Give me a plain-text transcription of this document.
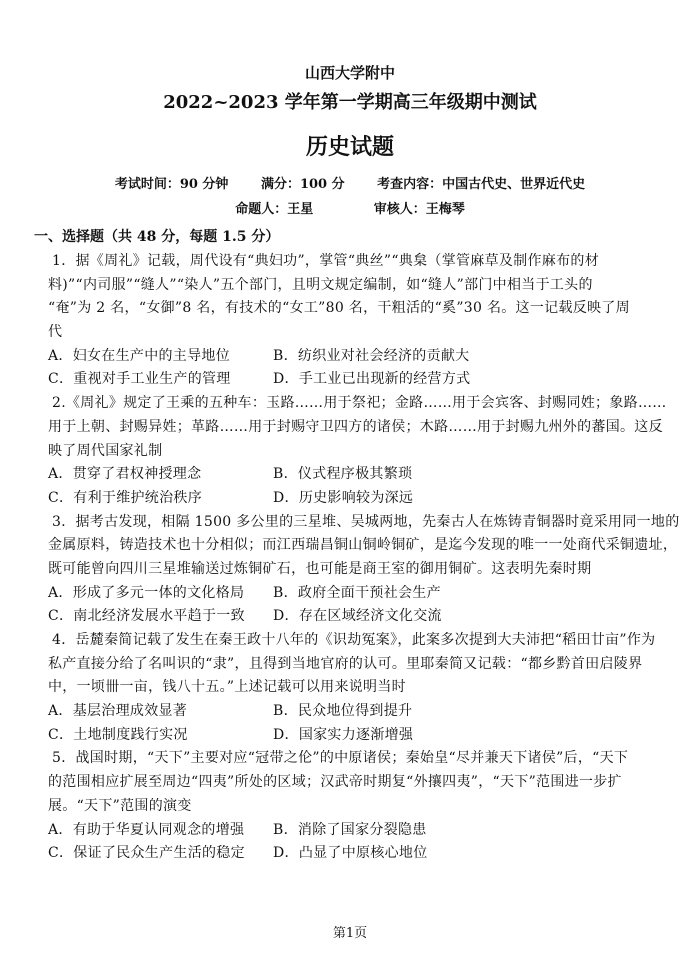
山西大学附中
2022~2023 学年第一学期高三年级期中测试
历史试题
考试时间：90 分钟	满分：100 分	考查内容：中国古代史、世界近代史
命题人：王星	审核人：王梅琴
一、选择题（共 48 分，每题 1.5 分）
1．据《周礼》记载，周代设有“典妇功”，掌管“典丝”“典枲（掌管麻草及制作麻布的材
料)”“内司服”“缝人”“染人”五个部门，且明文规定编制，如“缝人”部门中相当于工头的
“奄”为 2 名，“女御”8 名，有技术的“女工”80 名，干粗活的“奚”30 名。这一记载反映了周
代
A．妇女在生产中的主导地位	B．纺织业对社会经济的贡献大
C．重视对手工业生产的管理	D．手工业已出现新的经营方式
2.《周礼》规定了王乘的五种车：玉路……用于祭祀；金路……用于会宾客、封赐同姓；象路……
用于上朝、封赐异姓；革路……用于封赐守卫四方的诸侯；木路……用于封赐九州外的蕃国。这反
映了周代国家礼制
A．贯穿了君权神授理念	B．仪式程序极其繁琐
C．有利于维护统治秩序	D．历史影响较为深远
3．据考古发现，相隔 1500 多公里的三星堆、吴城两地，先秦古人在炼铸青铜器时竟采用同一地的
金属原料，铸造技术也十分相似；而江西瑞昌铜山铜岭铜矿，是迄今发现的唯一一处商代采铜遗址，
既可能曾向四川三星堆输送过炼铜矿石，也可能是商王室的御用铜矿。这表明先秦时期
A．形成了多元一体的文化格局	B．政府全面干预社会生产
C．南北经济发展水平趋于一致	D．存在区域经济文化交流
4．岳麓秦简记载了发生在秦王政十八年的《识劫冤案》，此案多次提到大夫沛把“稻田廿亩”作为
私产直接分给了名叫识的“隶”，且得到当地官府的认可。里耶秦简又记载：“都乡黔首田启陵界
中，一顷卌一亩，钱八十五。”上述记载可以用来说明当时
A．基层治理成效显著	B．民众地位得到提升
C．土地制度践行实况	D．国家实力逐渐增强
5．战国时期，“天下”主要对应“冠带之伦”的中原诸侯；秦始皇“尽并兼天下诸侯”后，“天下
的范围相应扩展至周边“四夷”所处的区域；汉武帝时期复“外攘四夷”，“天下”范围进一步扩
展。“天下”范围的演变
A．有助于华夏认同观念的增强	B．消除了国家分裂隐患
C．保证了民众生产生活的稳定	D．凸显了中原核心地位
第1页
